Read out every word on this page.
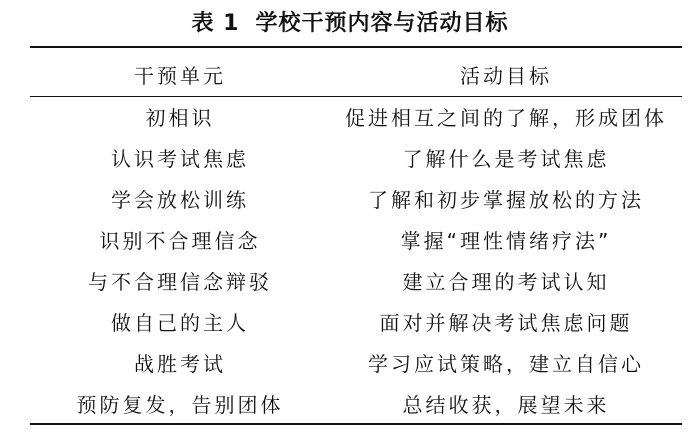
表 1 学校干预内容与活动目标
干预单元	活动目标
初相识	促进相互之间的了解，形成团体
认识考试焦虑	了解什么是考试焦虑
学会放松训练	了解和初步掌握放松的方法
识别不合理信念	掌握“理性情绪疗法”
与不合理信念辩驳	建立合理的考试认知
做自己的主人	面对并解决考试焦虑问题
战胜考试	学习应试策略，建立自信心
预防复发，告别团体	总结收获，展望未来
